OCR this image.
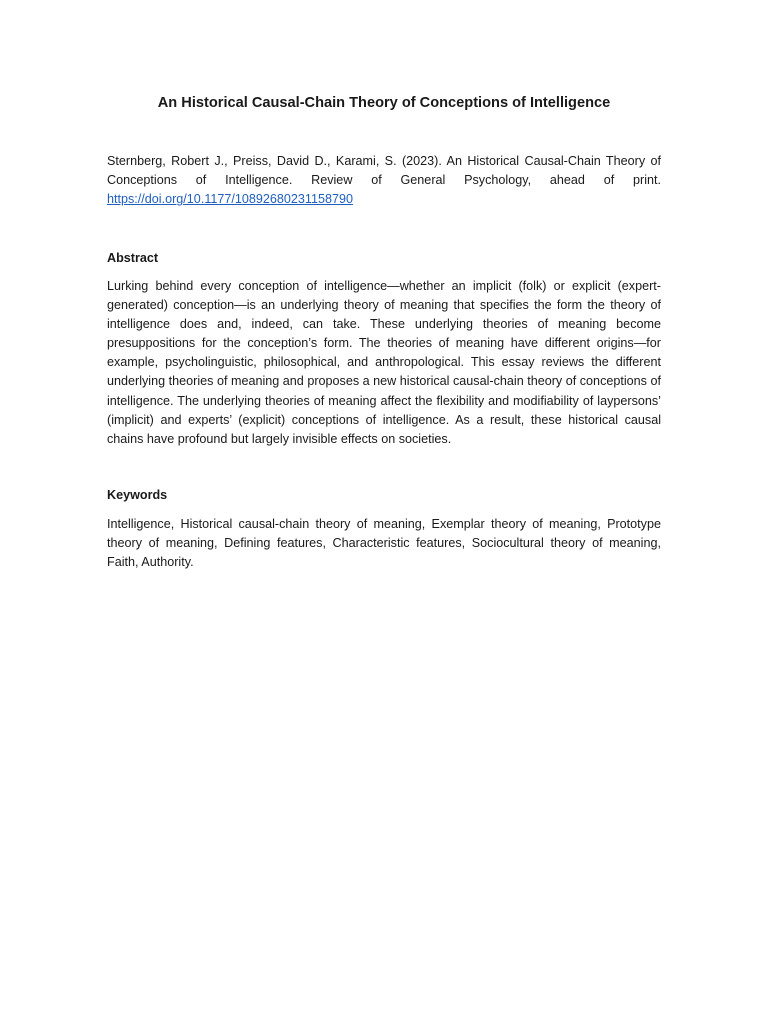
An Historical Causal-Chain Theory of Conceptions of Intelligence

Sternberg, Robert J., Preiss, David D., Karami, S. (2023). An Historical Causal-Chain Theory of Conceptions of Intelligence. Review of General Psychology, ahead of print. https://doi.org/10.1177/10892680231158790

Abstract

Lurking behind every conception of intelligence—whether an implicit (folk) or explicit (expert-generated) conception—is an underlying theory of meaning that specifies the form the theory of intelligence does and, indeed, can take. These underlying theories of meaning become presuppositions for the conception’s form. The theories of meaning have different origins—for example, psycholinguistic, philosophical, and anthropological. This essay reviews the different underlying theories of meaning and proposes a new historical causal-chain theory of conceptions of intelligence. The underlying theories of meaning affect the flexibility and modifiability of laypersons’ (implicit) and experts’ (explicit) conceptions of intelligence. As a result, these historical causal chains have profound but largely invisible effects on societies.

Keywords

Intelligence, Historical causal-chain theory of meaning, Exemplar theory of meaning, Prototype theory of meaning, Defining features, Characteristic features, Sociocultural theory of meaning, Faith, Authority.
